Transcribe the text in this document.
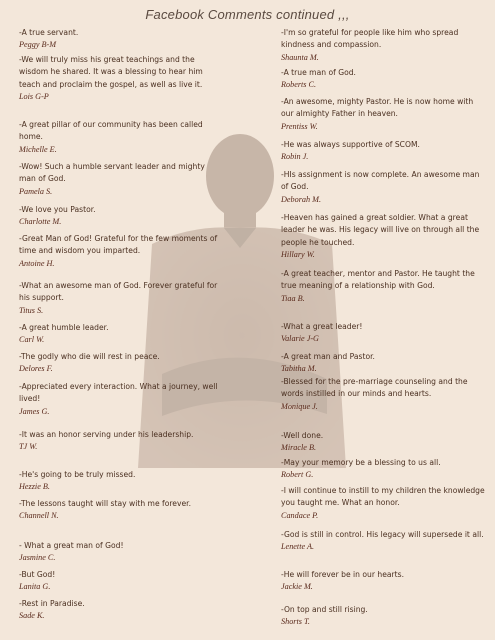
Facebook Comments continued ,,,
-A true servant.
Peggy B-M
-We will truly miss his great teachings and the wisdom he shared. It was a blessing to hear him teach and proclaim the gospel, as well as live it.
Lois G-P
-A great pillar of our community has been called home.
Michelle E.
-Wow! Such a humble servant leader and mighty man of God.
Pamela S.
-We love you Pastor.
Charlotte M.
-Great Man of God! Grateful for the few moments of time and wisdom you imparted.
Antoine H.
-What an awesome man of God. Forever grateful for his support.
Titus S.
-A great humble leader.
Carl W.
-The godly who die will rest in peace.
Delores F.
-Appreciated every interaction. What a journey, well lived!
James G.
-It was an honor serving under his leadership.
TJ W.
-He's going to be truly missed.
Hezzie B.
-The lessons taught will stay with me forever.
Channell N.
- What a great man of God!
Jasmine C.
-But God!
Lanita G.
-Rest in Paradise.
Sade K.
-I'm so grateful for people like him who spread kindness and compassion.
Shaunta M.
-A true man of God.
Roberts C.
-An awesome, mighty Pastor. He is now home with our almighty Father in heaven.
Prentiss W.
-He was always supportive of SCOM.
Robin J.
-HIs assignment is now complete. An awesome man of God.
Deborah M.
-Heaven has gained a great soldier. What a great leader he was. His legacy will live on through all the people he touched.
Hillary W.
-A great teacher, mentor and Pastor. He taught the true meaning of a relationship with God.
Tiaa B.
-What a great leader!
Valarie J-G
-A great man and Pastor.
Tabitha M.
-Blessed for the pre-marriage counseling and the words instilled in our minds and hearts.
Monique J.
-Well done.
Miracle B.
-May your memory be a blessing to us all.
Robert G.
-I will continue to instill to my children the knowledge you taught me. What an honor.
Candace P.
-God is still in control. His legacy will supersede it all.
Lenette A.
-He will forever be in our hearts.
Jackie M.
-On top and still rising.
Shorts T.
